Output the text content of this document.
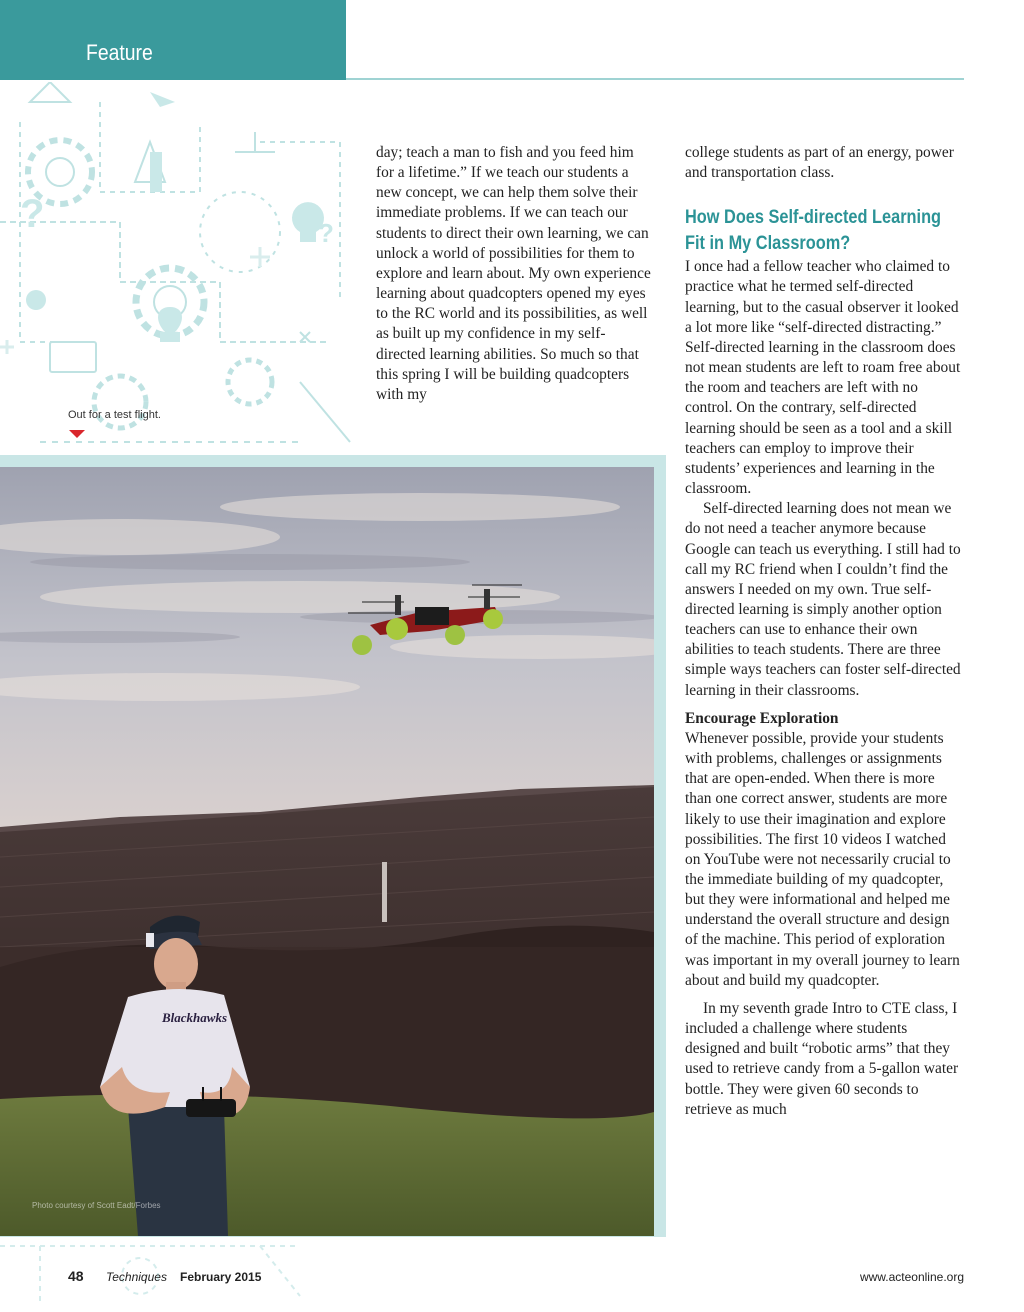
Feature
?	?
Out for a test flight.
Blackhawks
Photo courtesy of Scott Eadt/Forbes

day; teach a man to fish and you feed him for a lifetime.” If we teach our students a new concept, we can help them solve their immediate problems. If we can teach our students to direct their own learning, we can unlock a world of possibilities for them to explore and learn about. My own experience learning about quadcopters opened my eyes to the RC world and its possibilities, as well as built up my confidence in my self-directed learning abilities. So much so that this spring I will be building quadcopters with my

college students as part of an energy, power and transportation class.

How Does Self-directed Learning Fit in My Classroom?

I once had a fellow teacher who claimed to practice what he termed self-directed learning, but to the casual observer it looked a lot more like “self-directed distracting.” Self-directed learning in the classroom does not mean students are left to roam free about the room and teachers are left with no control. On the contrary, self-directed learning should be seen as a tool and a skill teachers can employ to improve their students’ experiences and learning in the classroom.

Self-directed learning does not mean we do not need a teacher anymore because Google can teach us everything. I still had to call my RC friend when I couldn’t find the answers I needed on my own. True self-directed learning is simply another option teachers can use to enhance their own abilities to teach students. There are three simple ways teachers can foster self-directed learning in their classrooms.

Encourage Exploration

Whenever possible, provide your students with problems, challenges or assignments that are open-ended. When there is more than one correct answer, students are more likely to use their imagination and explore possibilities. The first 10 videos I watched on YouTube were not necessarily crucial to the immediate building of my quadcopter, but they were informational and helped me understand the overall structure and design of the machine. This period of exploration was important in my overall journey to learn about and build my quadcopter.

In my seventh grade Intro to CTE class, I included a challenge where students designed and built “robotic arms” that they used to retrieve candy from a 5-gallon water bottle. They were given 60 seconds to retrieve as much

48 Techniques February 2015	www.acteonline.org
